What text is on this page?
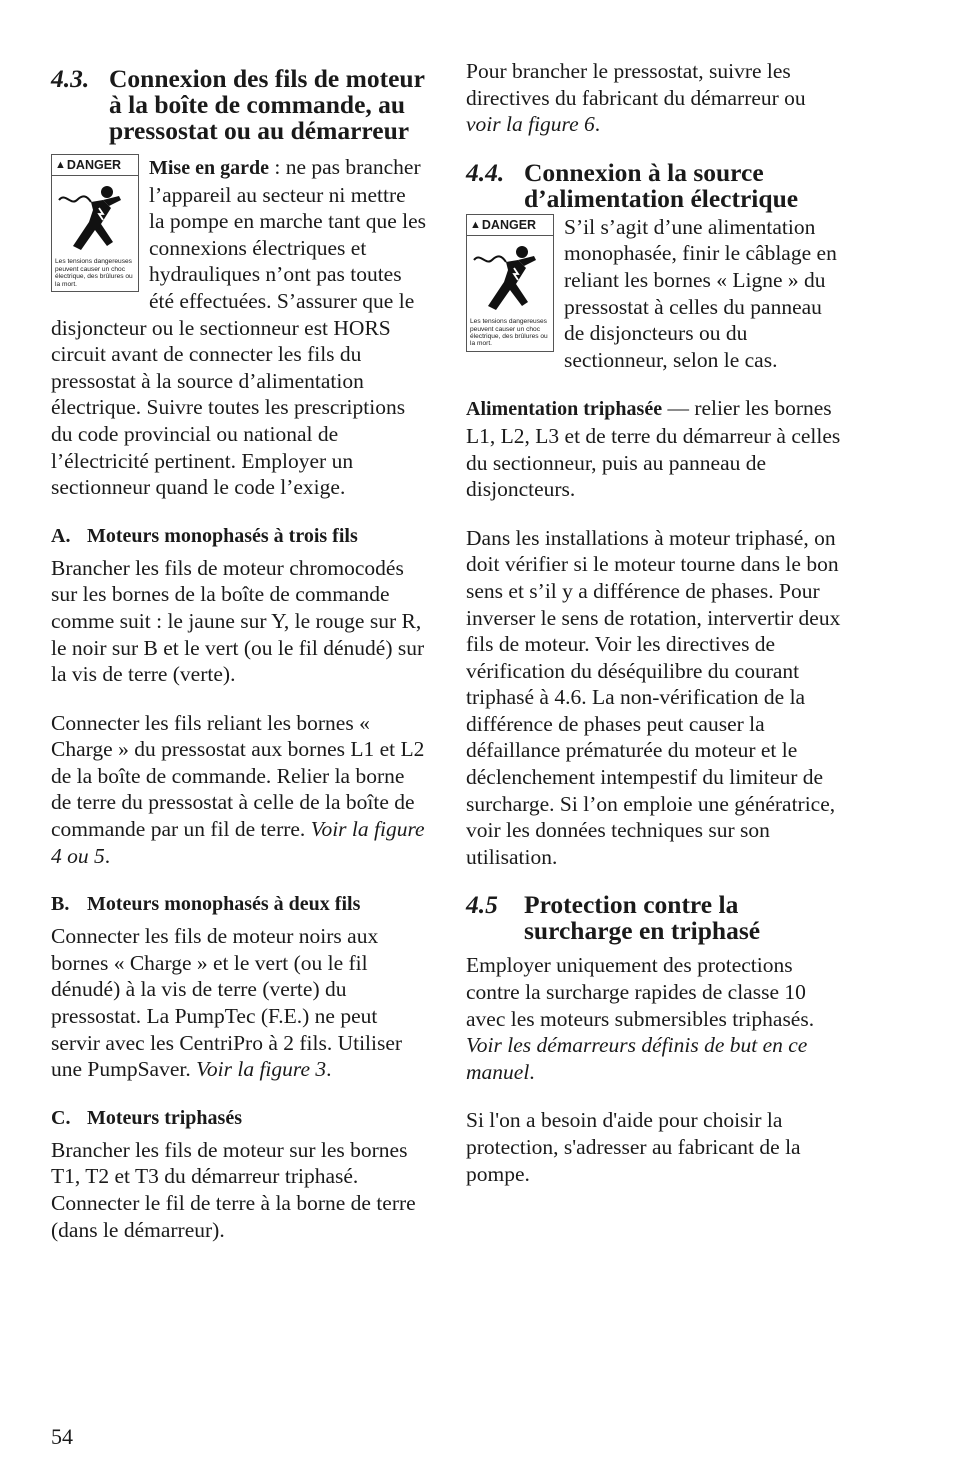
4.3. Connexion des fils de moteur à la boîte de commande, au pressostat ou au démarreur
▲ DANGER
Les tensions dangereuses peuvent causer un choc électrique, des brûlures ou la mort.

Mise en garde : ne pas brancher l’appareil au secteur ni mettre la pompe en marche tant que les connexions électriques et hydrauliques n’ont pas toutes été effectuées. S’assurer que le disjoncteur ou le sectionneur est HORS circuit avant de connecter les fils du pressostat à la source d’alimentation électrique. Suivre toutes les prescriptions du code provincial ou national de l’électricité pertinent. Employer un sectionneur quand le code l’exige.

A. Moteurs monophasés à trois fils

Brancher les fils de moteur chromocodés sur les bornes de la boîte de commande comme suit : le jaune sur Y, le rouge sur R, le noir sur B et le vert (ou le fil dénudé) sur la vis de terre (verte).

Connecter les fils reliant les bornes « Charge » du pressostat aux bornes L1 et L2 de la boîte de commande. Relier la borne de terre du pressostat à celle de la boîte de commande par un fil de terre. Voir la figure 4 ou 5.

B. Moteurs monophasés à deux fils

Connecter les fils de moteur noirs aux bornes « Charge » et le vert (ou le fil dénudé) à la vis de terre (verte) du pressostat. La PumpTec (F.E.) ne peut servir avec les CentriPro à 2 fils. Utiliser une PumpSaver. Voir la figure 3.

C. Moteurs triphasés

Brancher les fils de moteur sur les bornes T1, T2 et T3 du démarreur triphasé. Connecter le fil de terre à la borne de terre (dans le démarreur).

Pour brancher le pressostat, suivre les directives du fabricant du démarreur ou voir la figure 6.

4.4. Connexion à la source d’alimentation électrique
▲ DANGER
Les tensions dangereuses peuvent causer un choc électrique, des brûlures ou la mort.

S’il s’agit d’une alimentation monophasée, finir le câblage en reliant les bornes « Ligne » du pressostat à celles du panneau de disjoncteurs ou du sectionneur, selon le cas.

Alimentation triphasée — relier les bornes L1, L2, L3 et de terre du démarreur à celles du sectionneur, puis au panneau de disjoncteurs.

Dans les installations à moteur triphasé, on doit vérifier si le moteur tourne dans le bon sens et s’il y a différence de phases. Pour inverser le sens de rotation, intervertir deux fils de moteur. Voir les directives de vérification du déséquilibre du courant triphasé à 4.6. La non-vérification de la différence de phases peut causer la défaillance prématurée du moteur et le déclenchement intempestif du limiteur de surcharge. Si l’on emploie une génératrice, voir les données techniques sur son utilisation.

4.5	Protection contre la surcharge en triphasé

Employer uniquement des protections contre la surcharge rapides de classe 10 avec les moteurs submersibles triphasés. Voir les démarreurs définis de but en ce manuel.

Si l'on a besoin d'aide pour choisir la protection, s'adresser au fabricant de la pompe.

54
